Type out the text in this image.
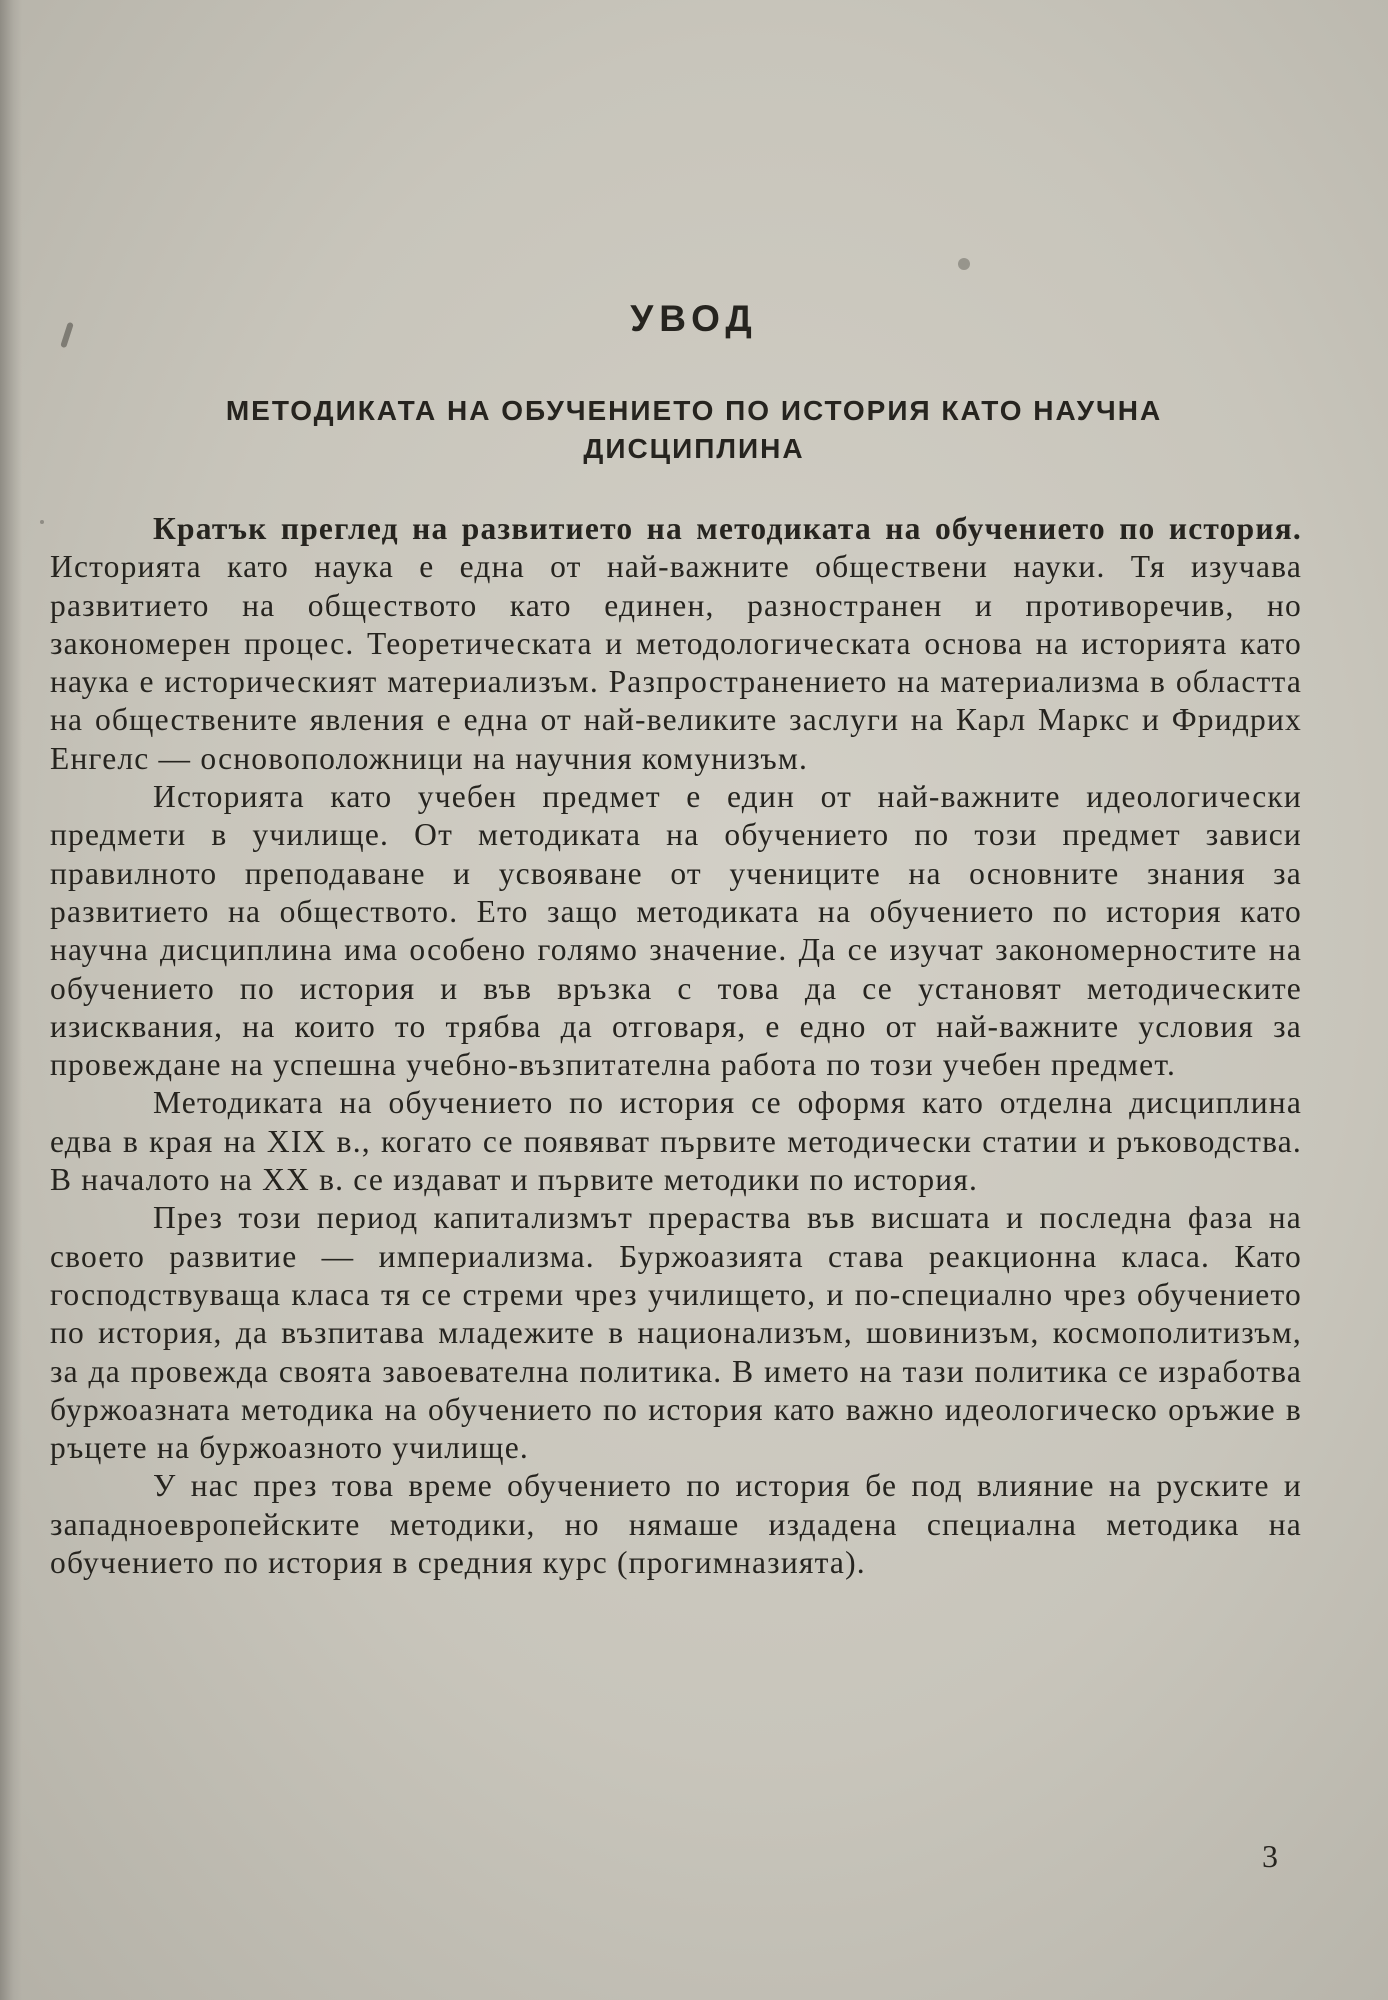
УВОД
МЕТОДИКАТА НА ОБУЧЕНИЕТО ПО ИСТОРИЯ КАТО НАУЧНА ДИСЦИПЛИНА

Кратък преглед на развитието на методиката на обучението по история. Историята като наука е една от най-важните обществени науки. Тя изучава развитието на обществото като единен, разностранен и противоречив, но закономерен процес. Теоретическата и методологическата основа на историята като наука е историческият материализъм. Разпространението на материализма в областта на обществените явления е една от най-великите заслуги на Карл Маркс и Фридрих Енгелс — основоположници на научния комунизъм.

Историята като учебен предмет е един от най-важните идеологически предмети в училище. От методиката на обучението по този предмет зависи правилното преподаване и усвояване от учениците на основните знания за развитието на обществото. Ето защо методиката на обучението по история като научна дисциплина има особено голямо значение. Да се изучат закономерностите на обучението по история и във връзка с това да се установят методическите изисквания, на които то трябва да отговаря, е едно от най-важните условия за провеждане на успешна учебно-възпитателна работа по този учебен предмет.

Методиката на обучението по история се оформя като отделна дисциплина едва в края на XIX в., когато се появяват първите методически статии и ръководства. В началото на XX в. се издават и първите методики по история.

През този период капитализмът прераства във висшата и последна фаза на своето развитие — империализма. Буржоазията става реакционна класа. Като господствуваща класа тя се стреми чрез училището, и по-специално чрез обучението по история, да възпитава младежите в национализъм, шовинизъм, космополитизъм, за да провежда своята завоевателна политика. В името на тази политика се изработва буржоазната методика на обучението по история като важно идеологическо оръжие в ръцете на буржоазното училище.

У нас през това време обучението по история бе под влияние на руските и западноевропейските методики, но нямаше издадена специална методика на обучението по история в средния курс (прогимназията).

3
